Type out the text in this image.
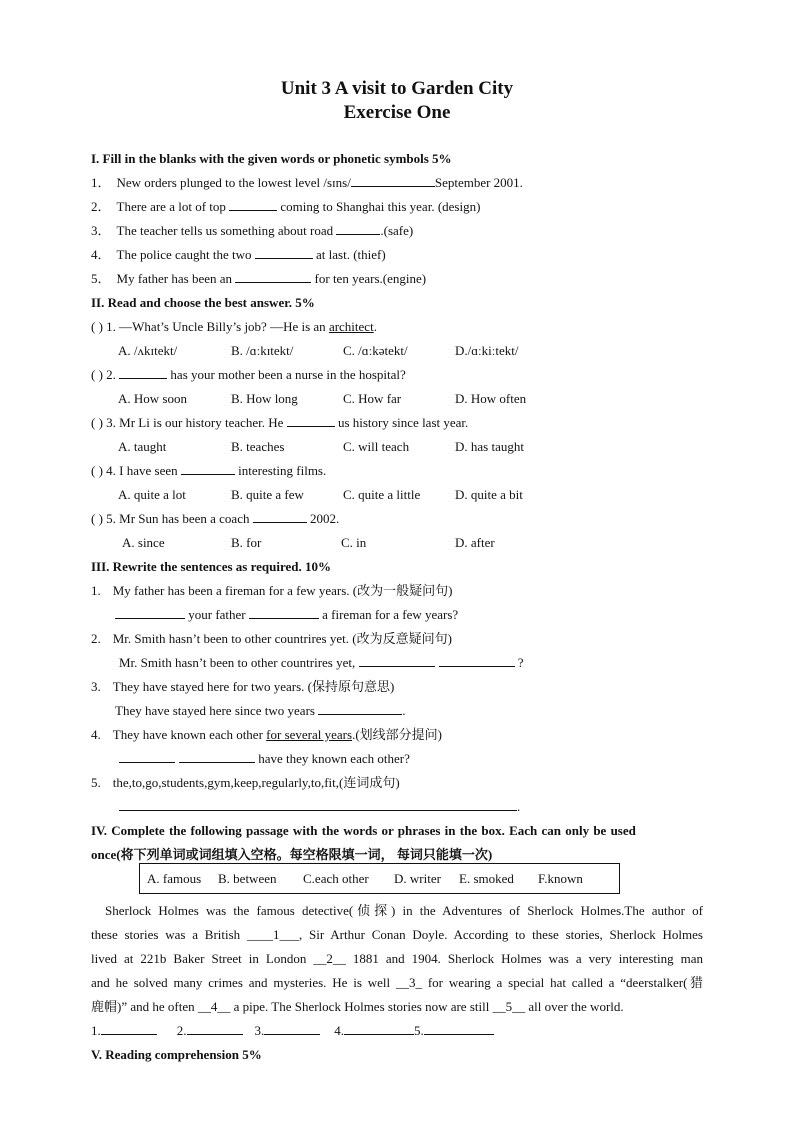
Unit 3 A visit to Garden City
Exercise One
I. Fill in the blanks with the given words or phonetic symbols 5%
1． New orders plunged to the lowest level /sɪns/	September 2001.
2． There are a lot of top	coming to Shanghai this year. (design)
3． The teacher tells us something about road	.(safe)
4． The police caught the two	at last. (thief)
5． My father has been an	for ten years.(engine)
II. Read and choose the best answer. 5%
( ) 1. —What’s Uncle Billy’s job? —He is an architect.
A. /ʌkɪtekt/	B. /ɑːkɪtekt/	C. /ɑːkətekt/	D./ɑːkiːtekt/
( ) 2.	has your mother been a nurse in the hospital?
A. How soon	B. How long	C. How far	D. How often
( ) 3. Mr Li is our history teacher. He	us history since last year.
A. taught	B. teaches	C. will teach	D. has taught
( ) 4. I have seen	interesting films.
A. quite a lot	B. quite a few	C. quite a little	D. quite a bit
( ) 5. Mr Sun has been a coach	2002.
A. since	B. for	C. in	D. after
III. Rewrite the sentences as required. 10%
1. My father has been a fireman for a few years. (改为一般疑问句)
your father	a fireman for a few years?
2. Mr. Smith hasn’t been to other countrires yet. (改为反意疑问句)
Mr. Smith hasn’t been to other countrires yet,	?
3. They have stayed here for two years. (保持原句意思)
They have stayed here since two years	.
4. They have known each other for several years.(划线部分提问)
have they known each other?
5. the,to,go,students,gym,keep,regularly,to,fit,(连词成句)
.
IV. Complete the following passage with the words or phrases in the box. Each can only be used
once(将下列单词或词组填入空格。每空格限填一词， 每词只能填一次)
A. famous B. between C.each other D. writer E. smoked F.known
Sherlock Holmes was the famous detective(侦探) in the Adventures of Sherlock Holmes.The author of
these stories was a British ____1___, Sir Arthur Conan Doyle. According to these stories, Sherlock Holmes
lived at 221b Baker Street in London __2__ 1881 and 1904. Sherlock Holmes was a very interesting man
and he solved many crimes and mysteries. He is well __3_ for wearing a special hat called a “deerstalker(猎
鹿帽)” and he often __4__ a pipe. The Sherlock Holmes stories now are still __5__ all over the world.
1.	2.	3.	4.	5.
V. Reading comprehension 5%
